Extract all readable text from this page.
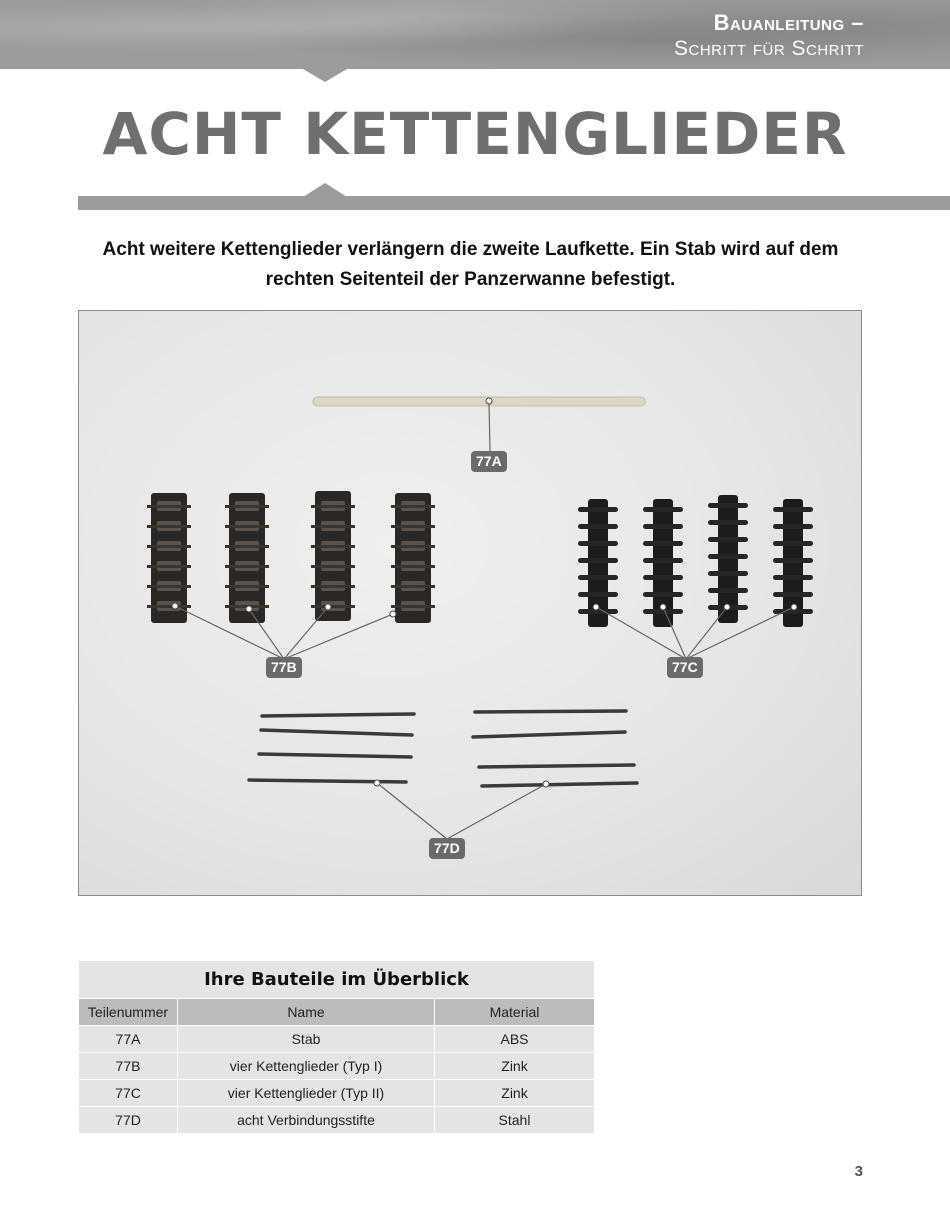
Bauanleitung –
Schritt für Schritt
ACHT KETTENGLIEDER
Acht weitere Kettenglieder verlängern die zweite Laufkette. Ein Stab wird auf dem rechten Seitenteil der Panzerwanne befestigt.
77A
77B	77C
77D
Ihre Bauteile im Überblick		
Teilenummer	Name	Material
77A	Stab	ABS
77B	vier Kettenglieder (Typ I)	Zink
77C	vier Kettenglieder (Typ II)	Zink
77D	acht Verbindungsstifte	Stahl
3
